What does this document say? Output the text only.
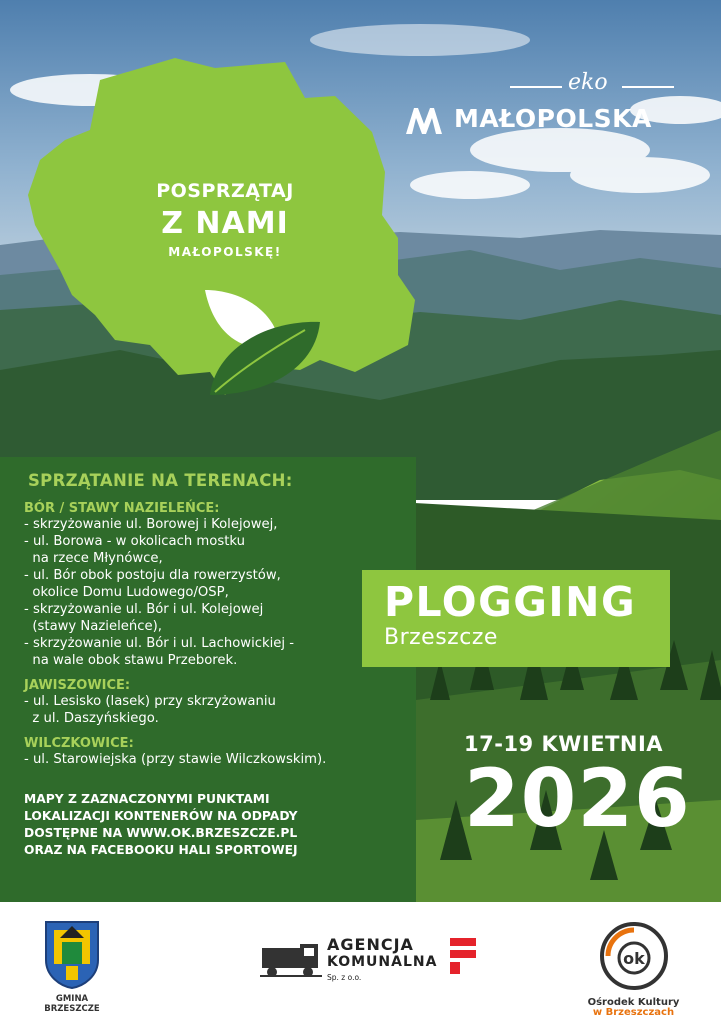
eko
MAŁOPOLSKA
POSPRZĄTAJ
Z NAMI
MAŁOPOLSKĘ!
SPRZĄTANIE NA TERENACH:
BÓR / STAWY NAZIELEŃCE:
- skrzyżowanie ul. Borowej i Kolejowej,
- ul. Borowa - w okolicach mostku
na rzece Młynówce,
- ul. Bór obok postoju dla rowerzystów,
okolice Domu Ludowego/OSP,
- skrzyżowanie ul. Bór i ul. Kolejowej
(stawy Nazieleńce),
- skrzyżowanie ul. Bór i ul. Lachowickiej -
na wale obok stawu Przeborek.
JAWISZOWICE:
- ul. Lesisko (lasek) przy skrzyżowaniu
z ul. Daszyńskiego.
WILCZKOWICE:
- ul. Starowiejska (przy stawie Wilczkowskim).
MAPY Z ZAZNACZONYMI PUNKTAMI
LOKALIZACJI KONTENERÓW NA ODPADY
DOSTĘPNE NA WWW.OK.BRZESZCZE.PL
ORAZ NA FACEBOOKU HALI SPORTOWEJ
PLOGGING
Brzeszcze
17-19 KWIETNIA
2026
GMINA
BRZESZCZE
AGENCJA
KOMUNALNA
Sp. z o.o.
ok
Ośrodek Kultury
w Brzeszczach
